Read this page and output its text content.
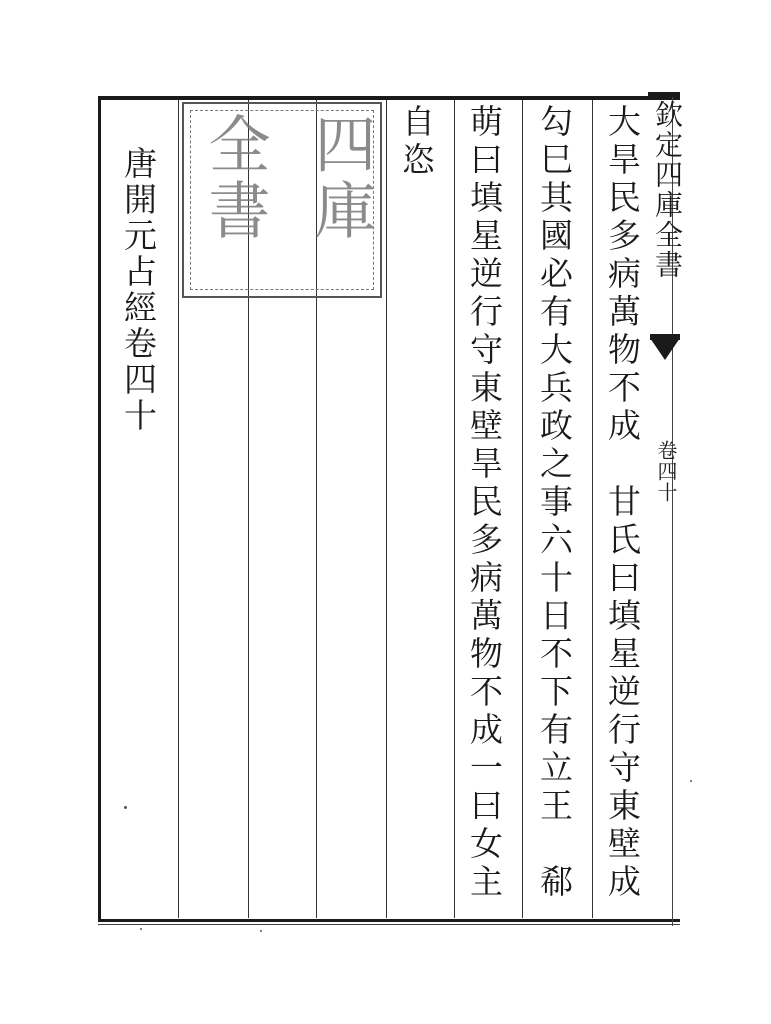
四庫
全書
唐開元占經卷四十	大旱民多病萬物不成　甘氏曰填星逆行守東壁成
勾巳其國必有大兵政之事六十日不下有立王　郗
萌曰填星逆行守東壁旱民多病萬物不成一曰女主
自恣	欽定四庫全書
卷四十
